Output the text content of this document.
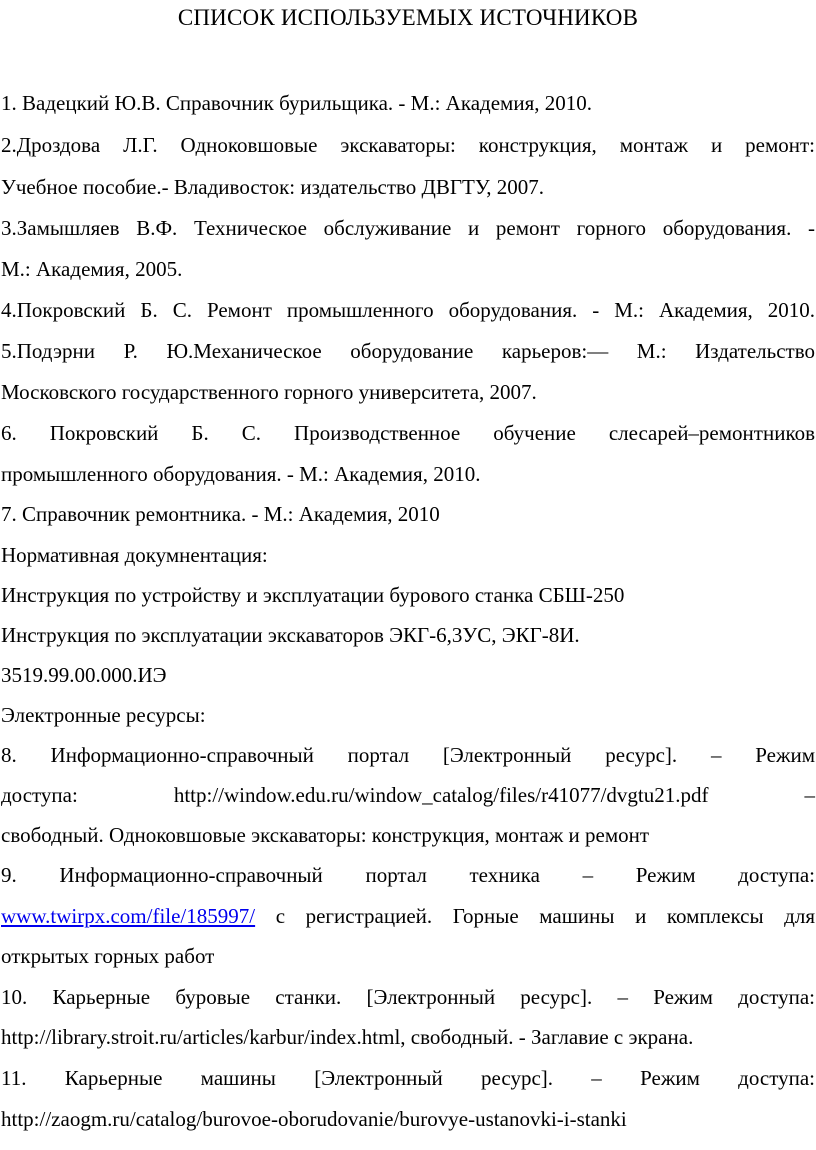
СПИСОК ИСПОЛЬЗУЕМЫХ ИСТОЧНИКОВ
1. Вадецкий Ю.В. Справочник бурильщика. - М.: Академия, 2010.
2.Дроздова Л.Г. Одноковшовые экскаваторы: конструкция, монтаж и ремонт:
Учебное пособие.- Владивосток: издательство ДВГТУ, 2007.
3.Замышляев В.Ф. Техническое обслуживание и ремонт горного оборудования. -
М.: Академия, 2005.
4.Покровский Б. С. Ремонт промышленного оборудования. - М.: Академия, 2010.
5.Подэрни Р. Ю.Механическое оборудование карьеров:— М.: Издательство
Московского государственного горного университета, 2007.
6. Покровский Б. С. Производственное обучение слесарей–ремонтников
промышленного оборудования. - М.: Академия, 2010.
7. Справочник ремонтника. - М.: Академия, 2010
Нормативная докумнентация:
Инструкция по устройству и эксплуатации бурового станка СБШ-250
Инструкция по эксплуатации экскаваторов ЭКГ-6,3УС, ЭКГ-8И.
3519.99.00.000.ИЭ
Электронные ресурсы:
8. Информационно-справочный портал [Электронный ресурс]. – Режим
доступа: http://window.edu.ru/window_catalog/files/r41077/dvgtu21.pdf –
свободный. Одноковшовые экскаваторы: конструкция, монтаж и ремонт
9. Информационно-справочный портал техника – Режим доступа:
www.twirpx.com/file/185997/ с регистрацией. Горные машины и комплексы для
открытых горных работ
10. Карьерные буровые станки. [Электронный ресурс]. – Режим доступа:
http://library.stroit.ru/articles/karbur/index.html, свободный. - Заглавие с экрана.
11. Карьерные машины [Электронный ресурс]. – Режим доступа:
http://zaogm.ru/catalog/burovoe-oborudovanie/burovye-ustanovki-i-stanki
